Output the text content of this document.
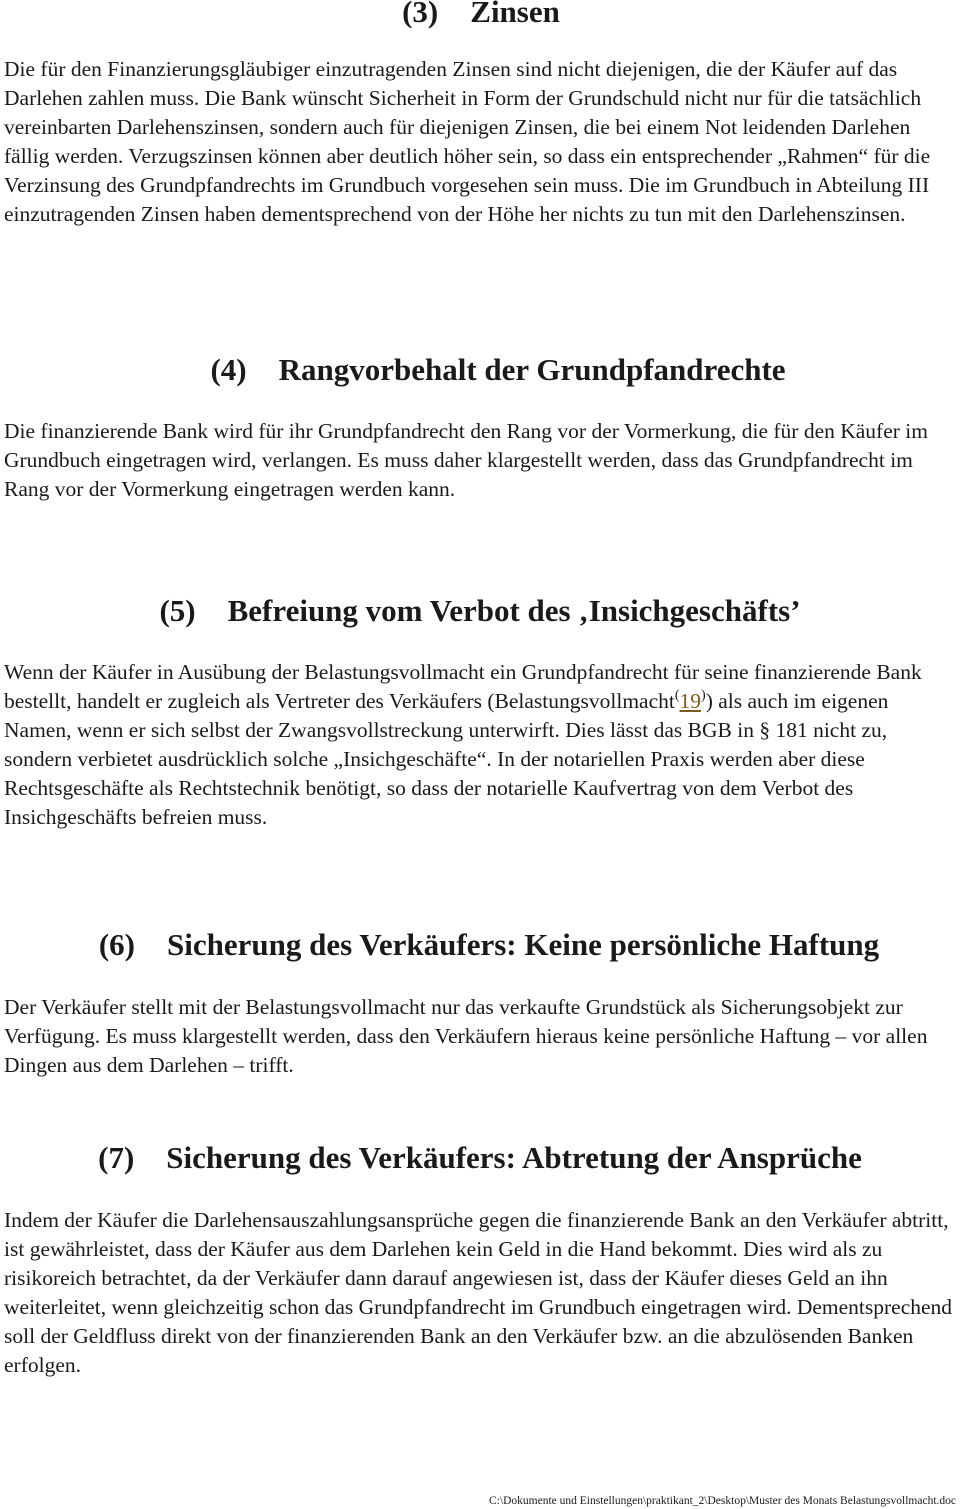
(3) Zinsen

Die für den Finanzierungsgläubiger einzutragenden Zinsen sind nicht diejenigen, die der Käufer auf das Darlehen zahlen muss. Die Bank wünscht Sicherheit in Form der Grundschuld nicht nur für die tatsächlich vereinbarten Darlehenszinsen, sondern auch für diejenigen Zinsen, die bei einem Not leidenden Darlehen fällig werden. Verzugszinsen können aber deutlich höher sein, so dass ein entsprechender „Rahmen“ für die Verzinsung des Grundpfandrechts im Grundbuch vorgesehen sein muss. Die im Grundbuch in Abteilung III einzutragenden Zinsen haben dementsprechend von der Höhe her nichts zu tun mit den Darlehenszinsen.

(4) Rangvorbehalt der Grundpfandrechte

Die finanzierende Bank wird für ihr Grundpfandrecht den Rang vor der Vormerkung, die für den Käufer im Grundbuch eingetragen wird, verlangen. Es muss daher klargestellt werden, dass das Grundpfandrecht im Rang vor der Vormerkung eingetragen werden kann.

(5) Befreiung vom Verbot des ‚Insichgeschäfts’

Wenn der Käufer in Ausübung der Belastungsvollmacht ein Grundpfandrecht für seine finanzierende Bank bestellt, handelt er zugleich als Vertreter des Verkäufers (Belastungsvollmacht(19)) als auch im eigenen Namen, wenn er sich selbst der Zwangsvollstreckung unterwirft. Dies lässt das BGB in § 181 nicht zu, sondern verbietet ausdrücklich solche „Insichgeschäfte“. In der notariellen Praxis werden aber diese Rechtsgeschäfte als Rechtstechnik benötigt, so dass der notarielle Kaufvertrag von dem Verbot des Insichgeschäfts befreien muss.

(6) Sicherung des Verkäufers: Keine persönliche Haftung

Der Verkäufer stellt mit der Belastungsvollmacht nur das verkaufte Grundstück als Sicherungsobjekt zur Verfügung. Es muss klargestellt werden, dass den Verkäufern hieraus keine persönliche Haftung – vor allen Dingen aus dem Darlehen – trifft.

(7) Sicherung des Verkäufers: Abtretung der Ansprüche

Indem der Käufer die Darlehensauszahlungsansprüche gegen die finanzierende Bank an den Verkäufer abtritt, ist gewährleistet, dass der Käufer aus dem Darlehen kein Geld in die Hand bekommt. Dies wird als zu risikoreich betrachtet, da der Verkäufer dann darauf angewiesen ist, dass der Käufer dieses Geld an ihn weiterleitet, wenn gleichzeitig schon das Grundpfandrecht im Grundbuch eingetragen wird. Dementsprechend soll der Geldfluss direkt von der finanzierenden Bank an den Verkäufer bzw. an die abzulösenden Banken erfolgen.

C:\Dokumente und Einstellungen\praktikant_2\Desktop\Muster des Monats Belastungsvollmacht.doc
